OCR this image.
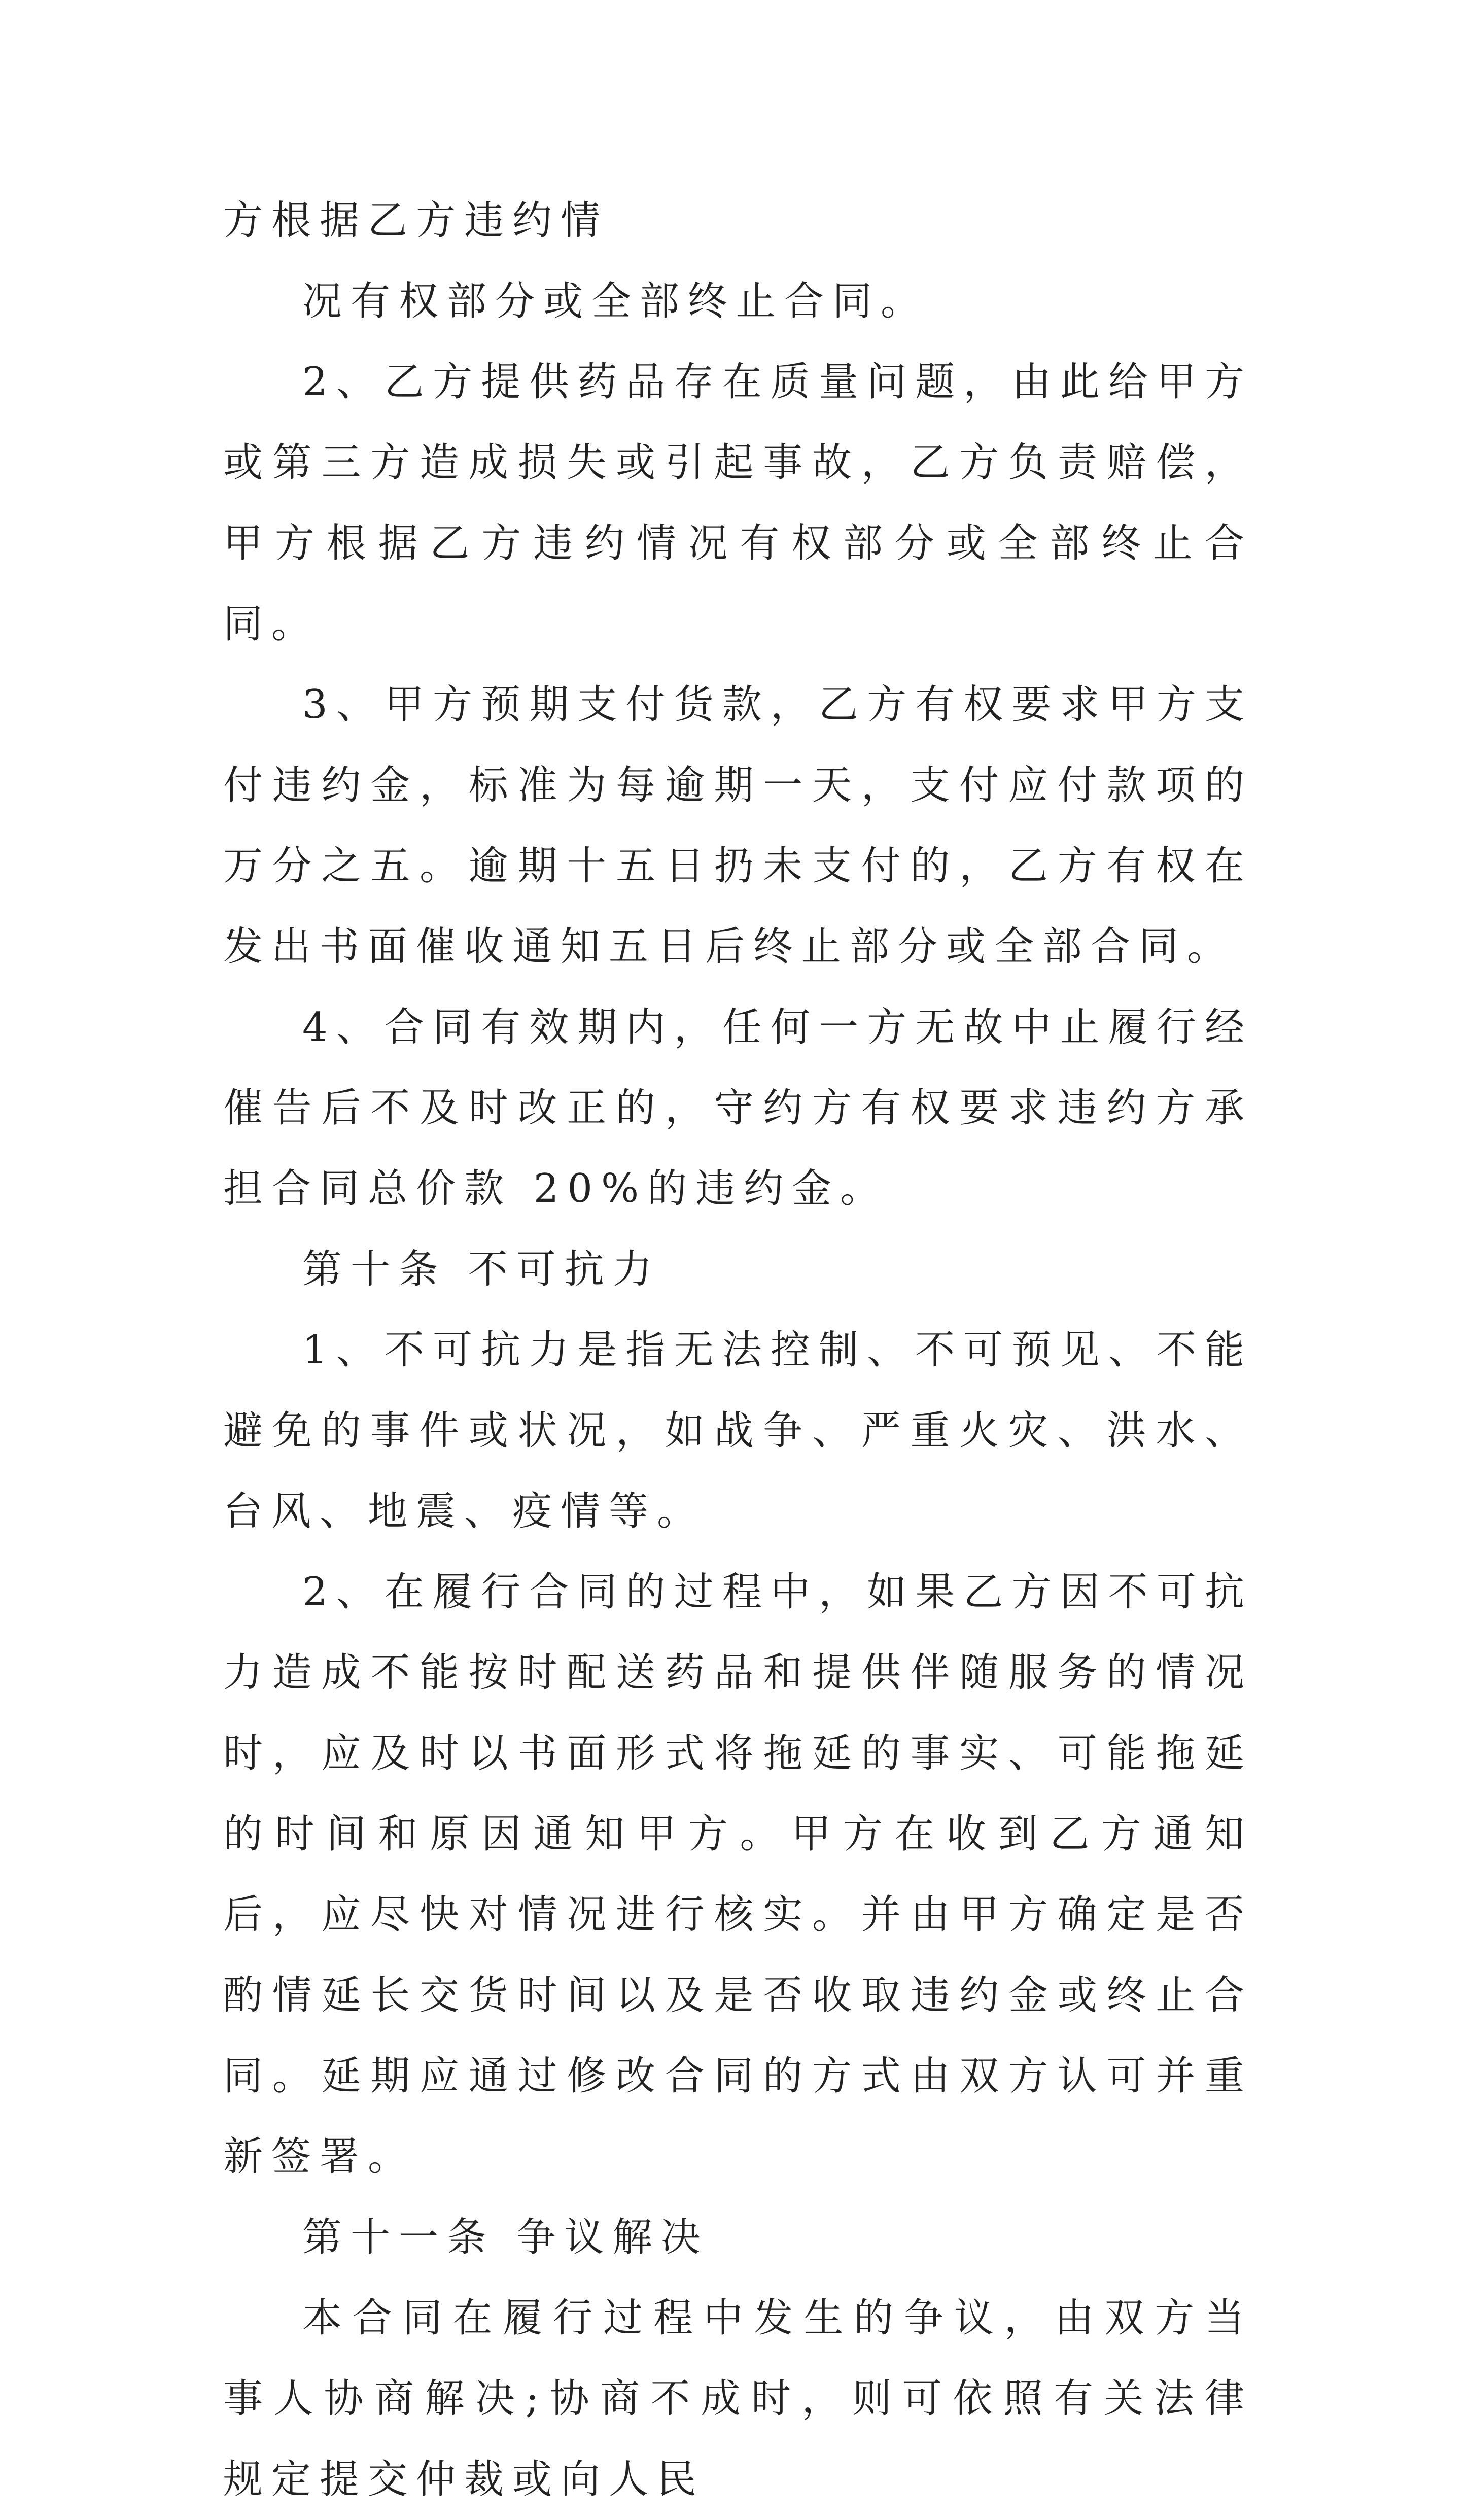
方根据乙方违约情

况有权部分或全部终止合同。

2、乙方提供药品存在质量问题，由此给甲方或第三方造成损失或引起事故，乙方负责赔偿，甲方根据乙方违约情况有权部分或全部终止合同。

3、甲方预期支付货款，乙方有权要求甲方支付违约金，标准为每逾期一天，支付应付款项的万分之五。逾期十五日扔未支付的，乙方有权在发出书面催收通知五日后终止部分或全部合同。

4、合同有效期内，任何一方无故中止履行经催告后不及时改正的，守约方有权要求违约方承担合同总价款 20%的违约金。

第十条 不可抗力

1、不可抗力是指无法控制、不可预见、不能避免的事件或状况，如战争、严重火灾、洪水、台风、地震、疫情等。

2、在履行合同的过程中，如果乙方因不可抗力造成不能按时配送药品和提供伴随服务的情况时，应及时以书面形式将拖延的事实、可能拖延的时间和原因通知甲方。甲方在收到乙方通知后，应尽快对情况进行核实。并由甲方确定是否酌情延长交货时间以及是否收取违约金或终止合同。延期应通过修改合同的方式由双方认可并重新签署。

第十一条 争议解决

本合同在履行过程中发生的争议，由双方当事人协商解决;协商不成时，则可依照有关法律规定提交仲裁或向人民
